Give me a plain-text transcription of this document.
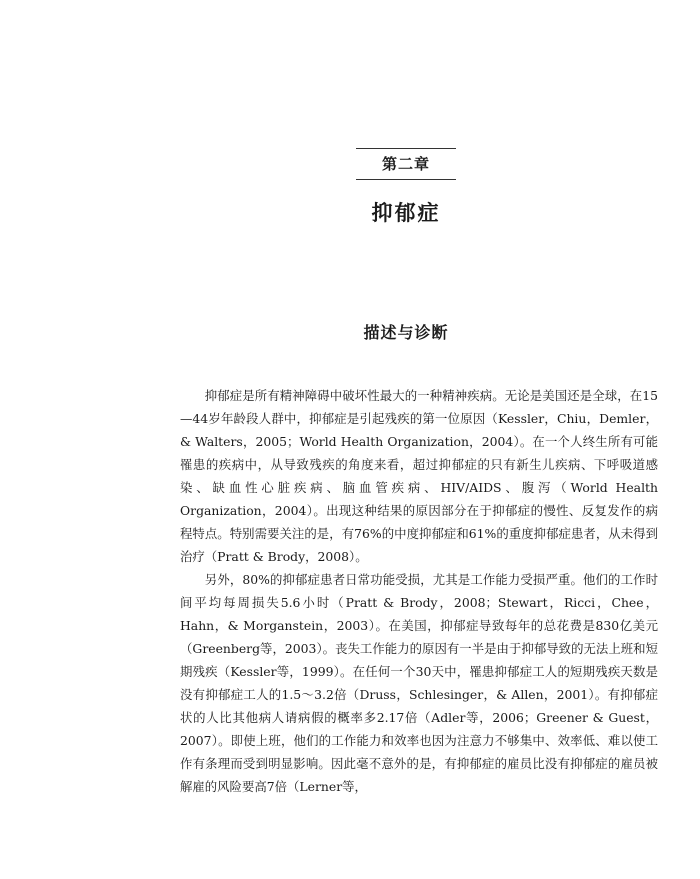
第二章
抑郁症
描述与诊断

抑郁症是所有精神障碍中破坏性最大的一种精神疾病。无论是美国还是全球，在15—44岁年龄段人群中，抑郁症是引起残疾的第一位原因（Kessler，Chiu，Demler，& Walters，2005；World Health Organization，2004）。在一个人终生所有可能罹患的疾病中，从导致残疾的角度来看，超过抑郁症的只有新生儿疾病、下呼吸道感染、缺血性心脏疾病、脑血管疾病、HIV/AIDS、腹泻（World Health Organization，2004）。出现这种结果的原因部分在于抑郁症的慢性、反复发作的病程特点。特别需要关注的是，有76%的中度抑郁症和61%的重度抑郁症患者，从未得到治疗（Pratt & Brody，2008）。

另外，80%的抑郁症患者日常功能受损，尤其是工作能力受损严重。他们的工作时间平均每周损失5.6小时（Pratt & Brody，2008；Stewart，Ricci，Chee，Hahn，& Morganstein，2003）。在美国，抑郁症导致每年的总花费是830亿美元（Greenberg等，2003）。丧失工作能力的原因有一半是由于抑郁导致的无法上班和短期残疾（Kessler等，1999）。在任何一个30天中，罹患抑郁症工人的短期残疾天数是没有抑郁症工人的1.5～3.2倍（Druss，Schlesinger，& Allen，2001）。有抑郁症状的人比其他病人请病假的概率多2.17倍（Adler等，2006；Greener & Guest，2007）。即使上班，他们的工作能力和效率也因为注意力不够集中、效率低、难以使工作有条理而受到明显影响。因此毫不意外的是，有抑郁症的雇员比没有抑郁症的雇员被解雇的风险要高7倍（Lerner等，
